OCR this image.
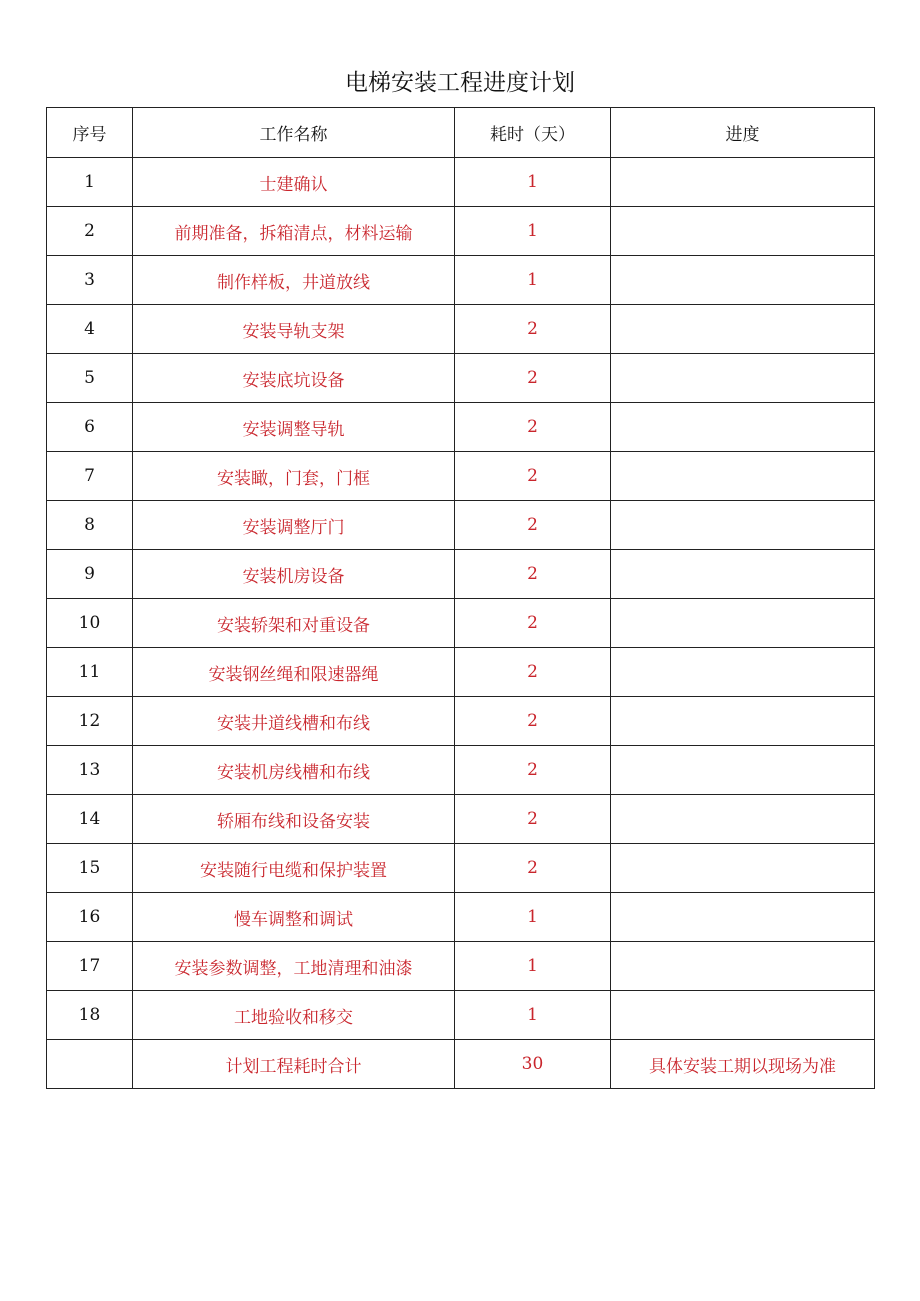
电梯安装工程进度计划
序号	工作名称	耗时（天）	进度
1	士建确认	1	
2	前期准备，拆箱清点，材料运输	1	
3	制作样板，井道放线	1	
4	安装导轨支架	2	
5	安装底坑设备	2	
6	安装调整导轨	2	
7	安装瞰，门套，门框	2	
8	安装调整厅门	2	
9	安装机房设备	2	
10	安装轿架和对重设备	2	
11	安装钢丝绳和限速器绳	2	
12	安装井道线槽和布线	2	
13	安装机房线槽和布线	2	
14	轿厢布线和设备安装	2	
15	安装随行电缆和保护装置	2	
16	慢车调整和调试	1	
17	安装参数调整，工地清理和油漆	1	
18	工地验收和移交	1	
	计划工程耗时合计	30	具体安装工期以现场为准
